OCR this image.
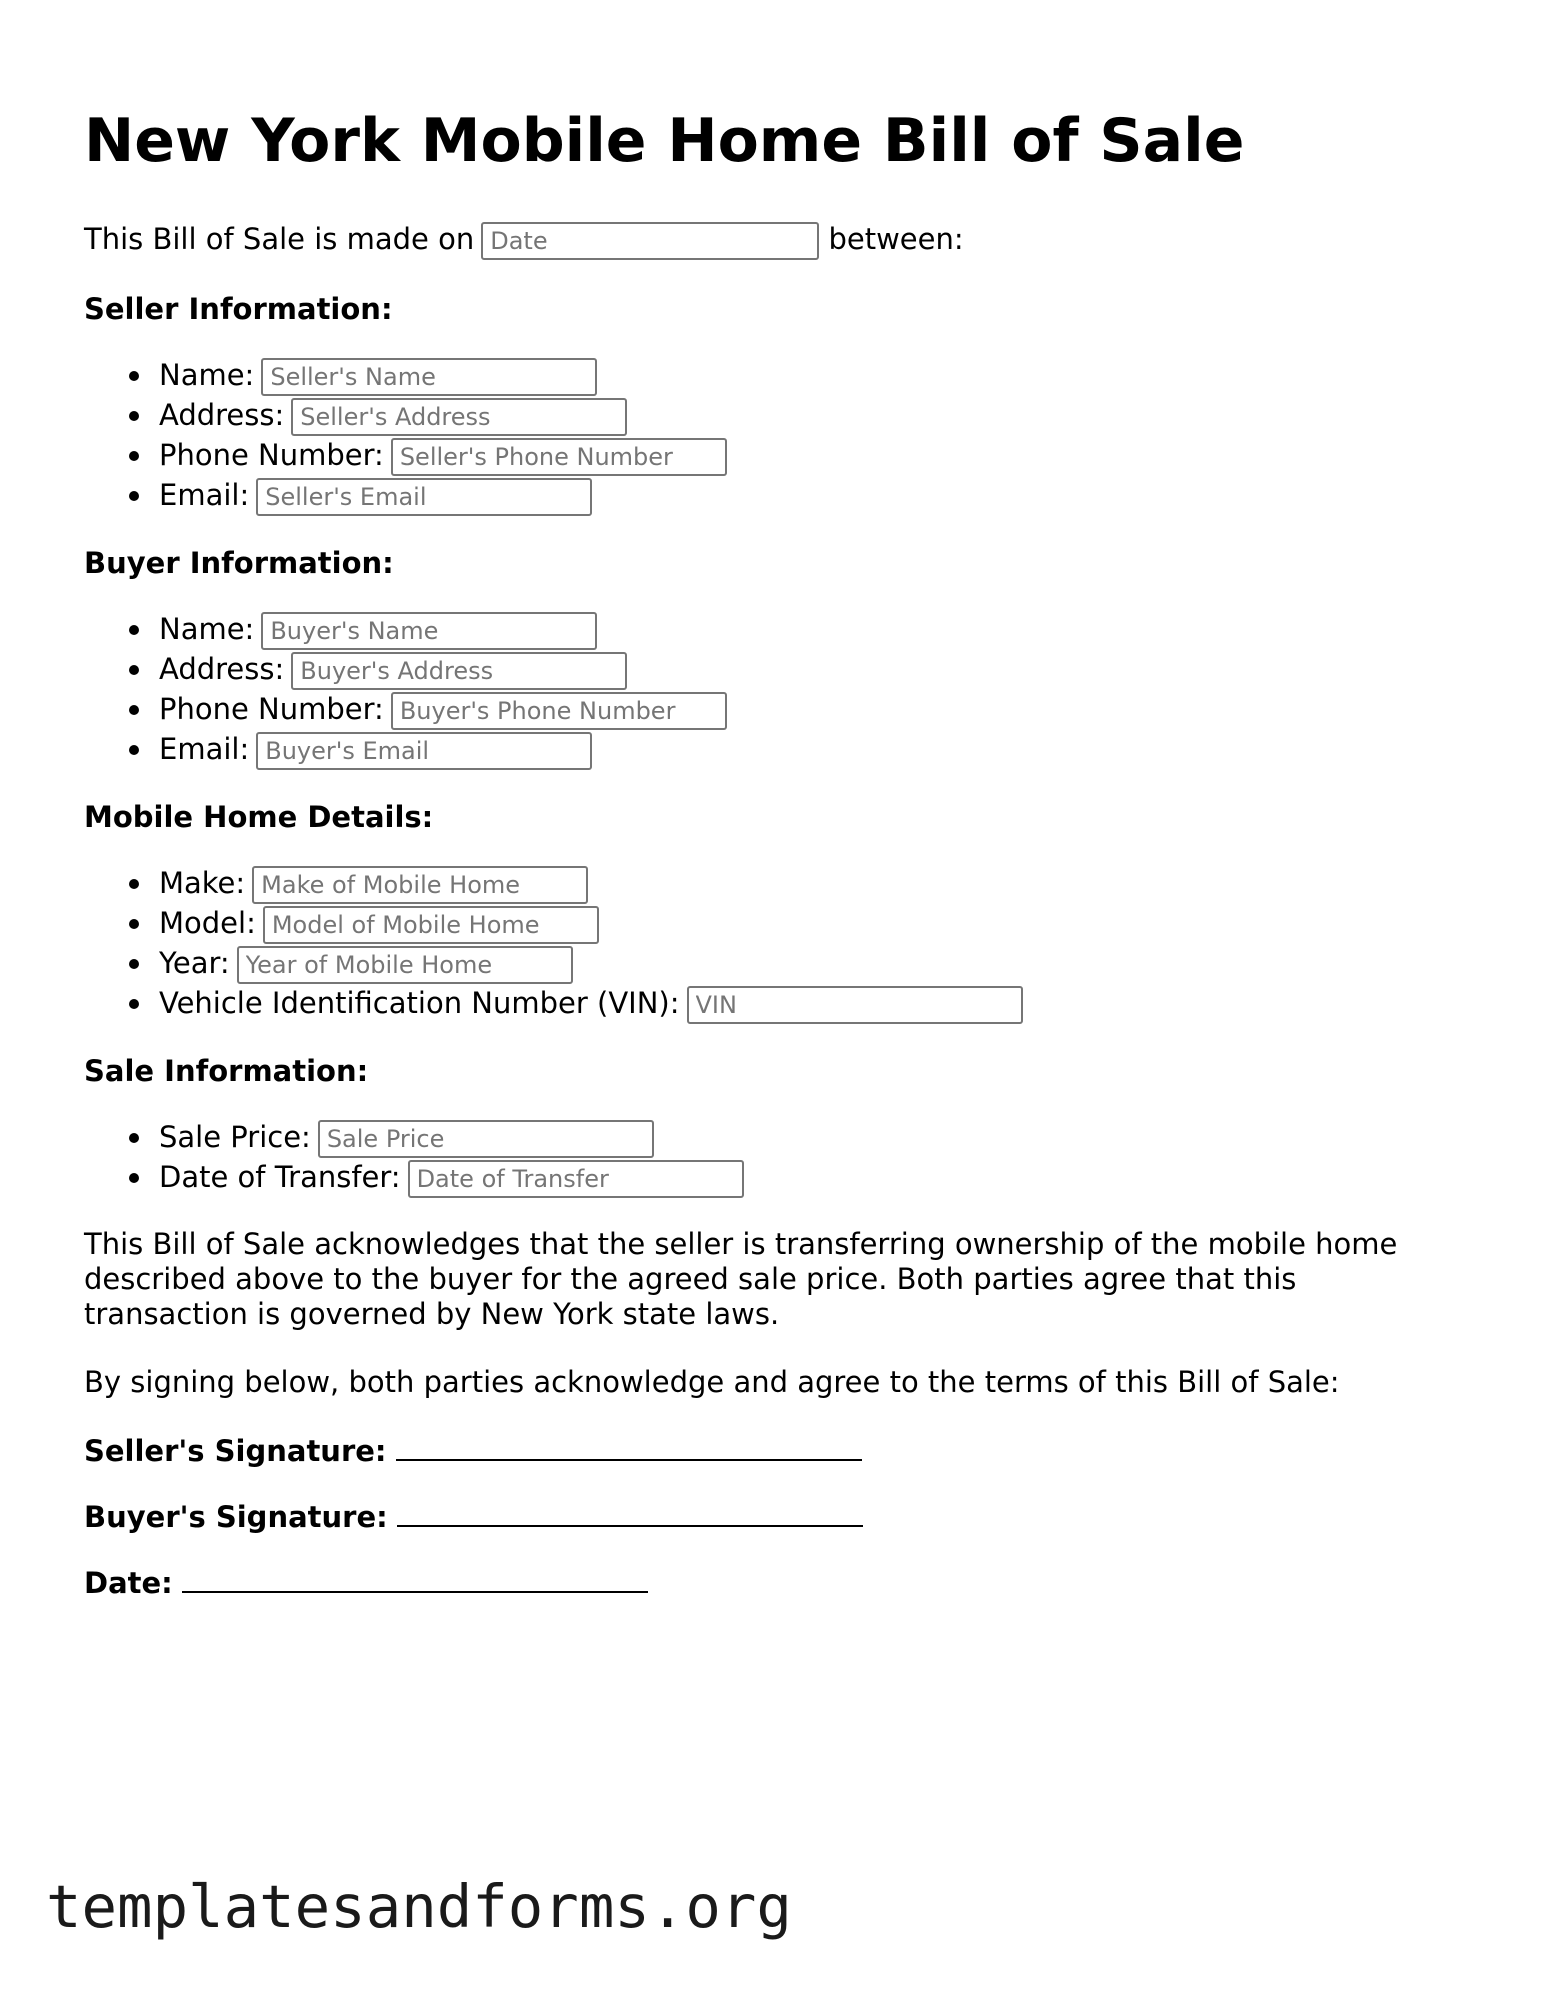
New York Mobile Home Bill of Sale
This Bill of Sale is made onDate	between:
Seller Information:
Name:Seller's Name
Address:Seller's Address
Phone Number:Seller's Phone Number
Email:Seller's Email
Buyer Information:
Name:Buyer's Name
Address:Buyer's Address
Phone Number:Buyer's Phone Number
Email:Buyer's Email
Mobile Home Details:
Make:Make of Mobile Home
Model:Model of Mobile Home
Year:Year of Mobile Home
Vehicle Identification Number (VIN):VIN
Sale Information:
Sale Price:Sale Price
Date of Transfer:Date of Transfer
This Bill of Sale acknowledges that the seller is transferring ownership of the mobile home described above to the buyer for the agreed sale price. Both parties agree that this transaction is governed by New York state laws.
By signing below, both parties acknowledge and agree to the terms of this Bill of Sale:
Seller's Signature:
Buyer's Signature:
Date:
templatesandforms.org
